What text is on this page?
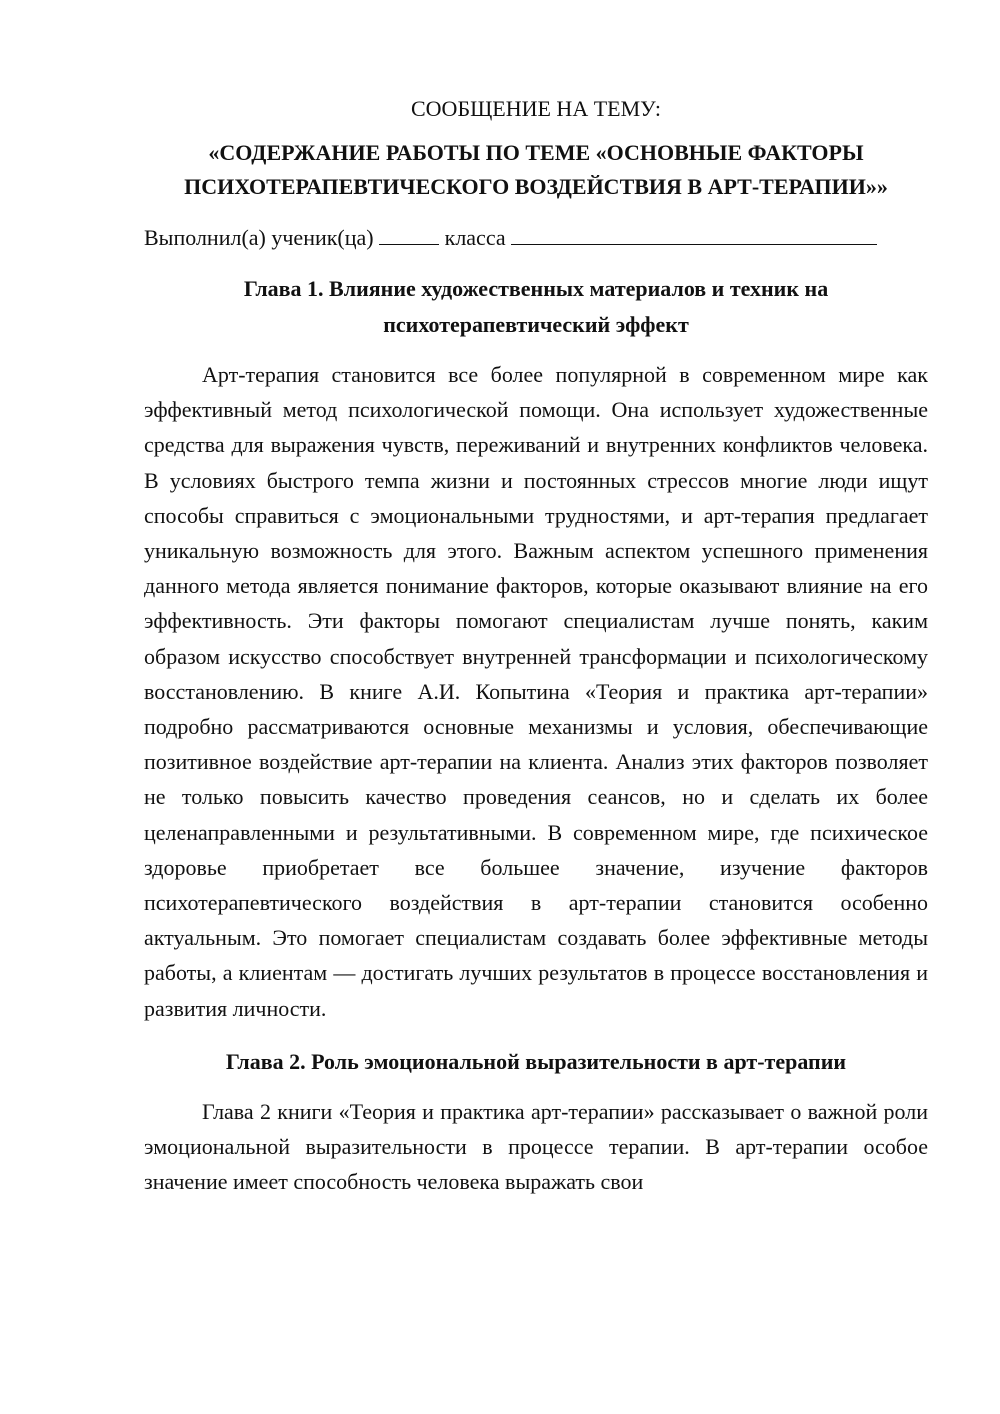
СООБЩЕНИЕ НА ТЕМУ:

«СОДЕРЖАНИЕ РАБОТЫ ПО ТЕМЕ «ОСНОВНЫЕ ФАКТОРЫ ПСИХОТЕРАПЕВТИЧЕСКОГО ВОЗДЕЙСТВИЯ В АРТ-ТЕРАПИИ»»

Выполнил(а) ученик(ца)	класса

Глава 1. Влияние художественных материалов и техник на психотерапевтический эффект

Арт-терапия становится все более популярной в современном мире как эффективный метод психологической помощи. Она использует художественные средства для выражения чувств, переживаний и внутренних конфликтов человека. В условиях быстрого темпа жизни и постоянных стрессов многие люди ищут способы справиться с эмоциональными трудностями, и арт-терапия предлагает уникальную возможность для этого. Важным аспектом успешного применения данного метода является понимание факторов, которые оказывают влияние на его эффективность. Эти факторы помогают специалистам лучше понять, каким образом искусство способствует внутренней трансформации и психологическому восстановлению. В книге А.И. Копытина «Теория и практика арт-терапии» подробно рассматриваются основные механизмы и условия, обеспечивающие позитивное воздействие арт-терапии на клиента. Анализ этих факторов позволяет не только повысить качество проведения сеансов, но и сделать их более целенаправленными и результативными. В современном мире, где психическое здоровье приобретает все большее значение, изучение факторов психотерапевтического воздействия в арт-терапии становится особенно актуальным. Это помогает специалистам создавать более эффективные методы работы, а клиентам — достигать лучших результатов в процессе восстановления и развития личности.

Глава 2. Роль эмоциональной выразительности в арт-терапии

Глава 2 книги «Теория и практика арт-терапии» рассказывает о важной роли эмоциональной выразительности в процессе терапии. В арт-терапии особое значение имеет способность человека выражать свои
